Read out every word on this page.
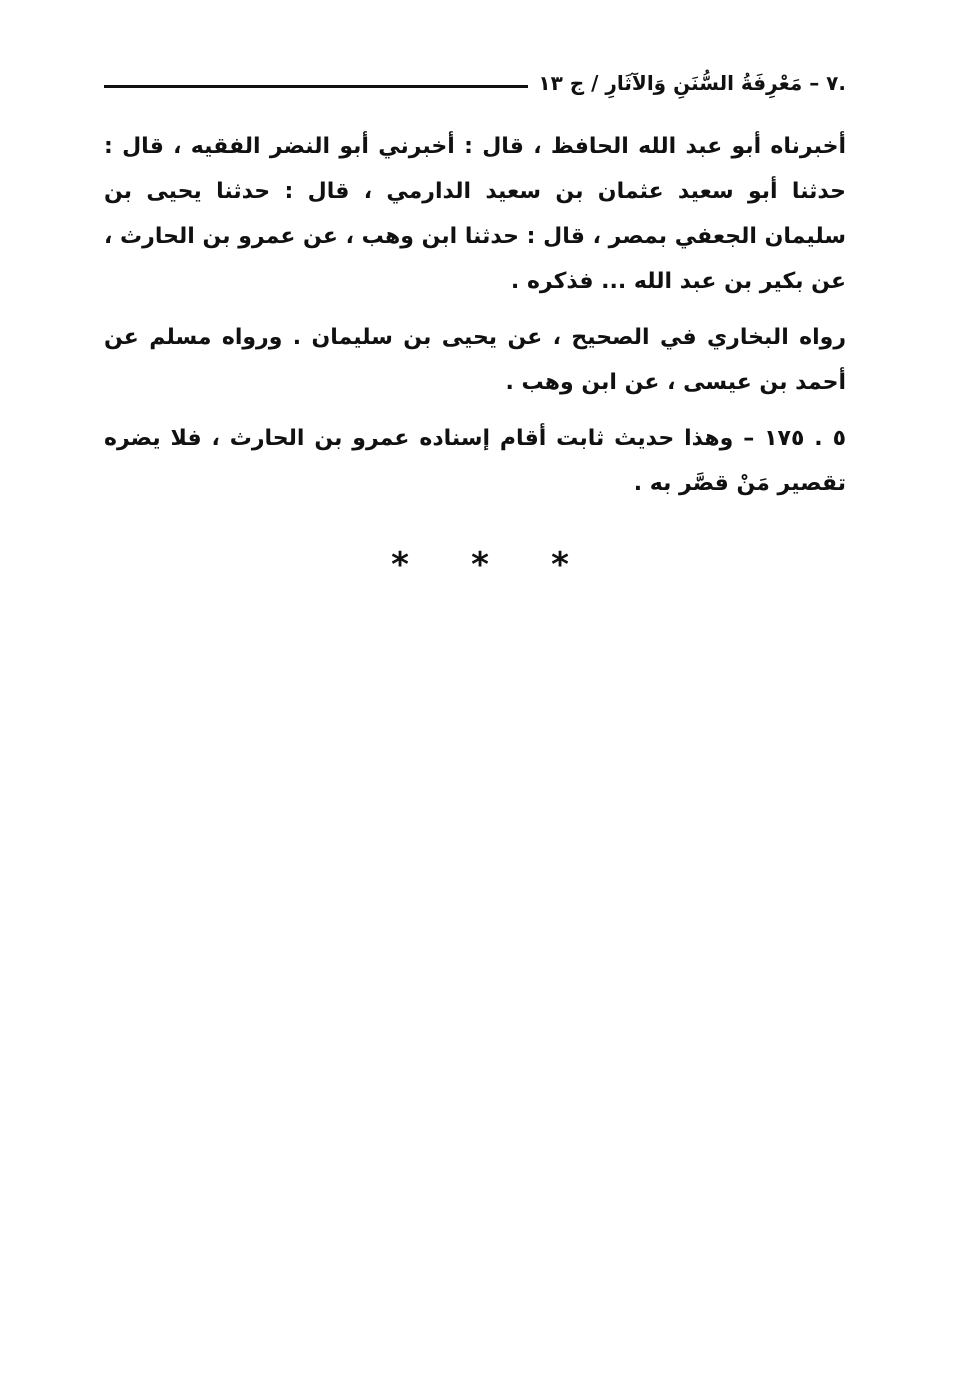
.٧ – مَعْرِفَةُ السُّنَنِ وَالآثَارِ / ج ١٣

أخبرناه أبو عبد الله الحافظ ، قال : أخبرني أبو النضر الفقيه ، قال : حدثنا أبو سعيد عثمان بن سعيد الدارمي ، قال : حدثنا يحيى بن سليمان الجعفي بمصر ، قال : حدثنا ابن وهب ، عن عمرو بن الحارث ، عن بكير بن عبد الله ... فذكره .

رواه البخاري في الصحيح ، عن يحيى بن سليمان . ورواه مسلم عن أحمد بن عيسى ، عن ابن وهب .

٥ . ١٧٥ – وهذا حديث ثابت أقام إسناده عمرو بن الحارث ، فلا يضره تقصير مَنْ قصَّر به .

*	*	*
